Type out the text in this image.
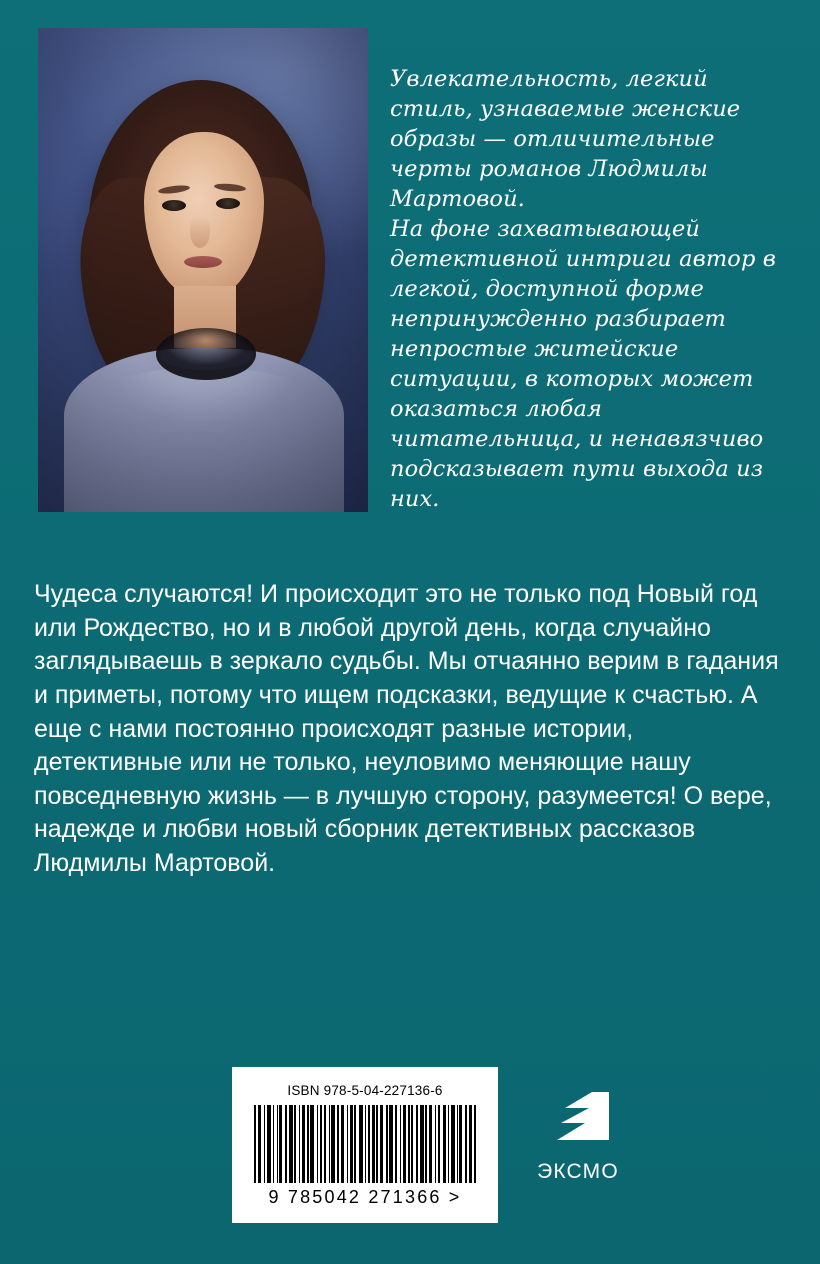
Увлекательность, легкий стиль, узнаваемые женские образы — отличительные черты романов Людмилы Мартовой.

На фоне захватывающей детективной интриги автор в легкой, доступной форме непринужденно разбирает непростые житейские ситуации, в которых может оказаться любая читательница, и ненавязчиво подсказывает пути выхода из них.

Чудеса случаются! И происходит это не только под Новый год или Рождество, но и в любой другой день, когда случайно заглядываешь в зеркало судьбы. Мы отчаянно верим в гадания и приметы, потому что ищем подсказки, ведущие к счастью. А еще с нами постоянно происходят разные истории, детективные или не только, неуловимо меняющие нашу повседневную жизнь — в лучшую сторону, разумеется! О вере, надежде и любви новый сборник детективных рассказов Людмилы Мартовой.

ISBN 978-5-04-227136-6
9 785042 271366 >
ЭКСМО
